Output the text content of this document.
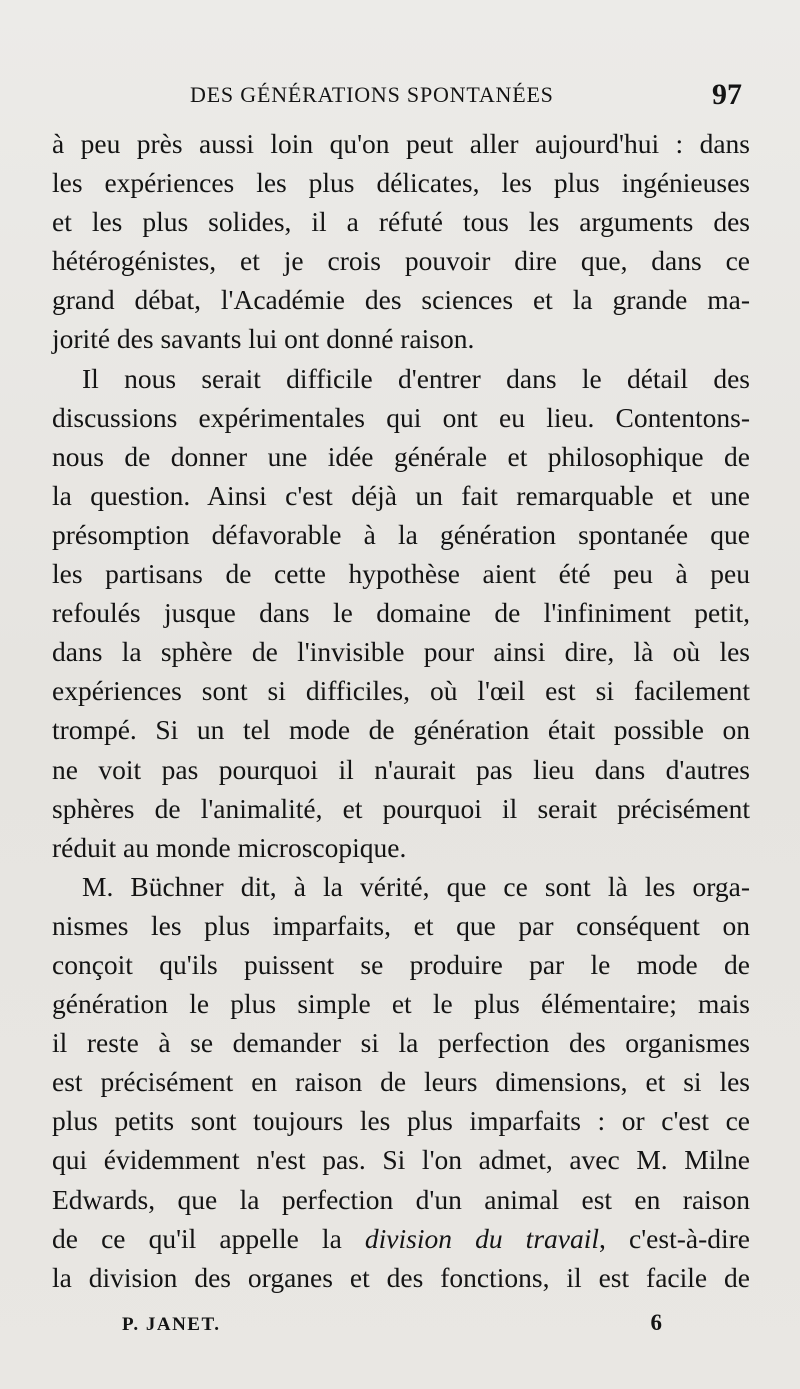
DES GÉNÉRATIONS SPONTANÉES	97

à peu près aussi loin qu'on peut aller aujourd'hui : dans
les expériences les plus délicates, les plus ingénieuses
et les plus solides, il a réfuté tous les arguments des
hétérogénistes, et je crois pouvoir dire que, dans ce
grand débat, l'Académie des sciences et la grande ma-
jorité des savants lui ont donné raison.

Il nous serait difficile d'entrer dans le détail des
discussions expérimentales qui ont eu lieu. Contentons-
nous de donner une idée générale et philosophique de
la question. Ainsi c'est déjà un fait remarquable et une
présomption défavorable à la génération spontanée que
les partisans de cette hypothèse aient été peu à peu
refoulés jusque dans le domaine de l'infiniment petit,
dans la sphère de l'invisible pour ainsi dire, là où les
expériences sont si difficiles, où l'œil est si facilement
trompé. Si un tel mode de génération était possible on
ne voit pas pourquoi il n'aurait pas lieu dans d'autres
sphères de l'animalité, et pourquoi il serait précisément
réduit au monde microscopique.

M. Büchner dit, à la vérité, que ce sont là les orga-
nismes les plus imparfaits, et que par conséquent on
conçoit qu'ils puissent se produire par le mode de
génération le plus simple et le plus élémentaire; mais
il reste à se demander si la perfection des organismes
est précisément en raison de leurs dimensions, et si les
plus petits sont toujours les plus imparfaits : or c'est ce
qui évidemment n'est pas. Si l'on admet, avec M. Milne
Edwards, que la perfection d'un animal est en raison
de ce qu'il appelle la division du travail, c'est-à-dire
la division des organes et des fonctions, il est facile de

P. JANET.	6
